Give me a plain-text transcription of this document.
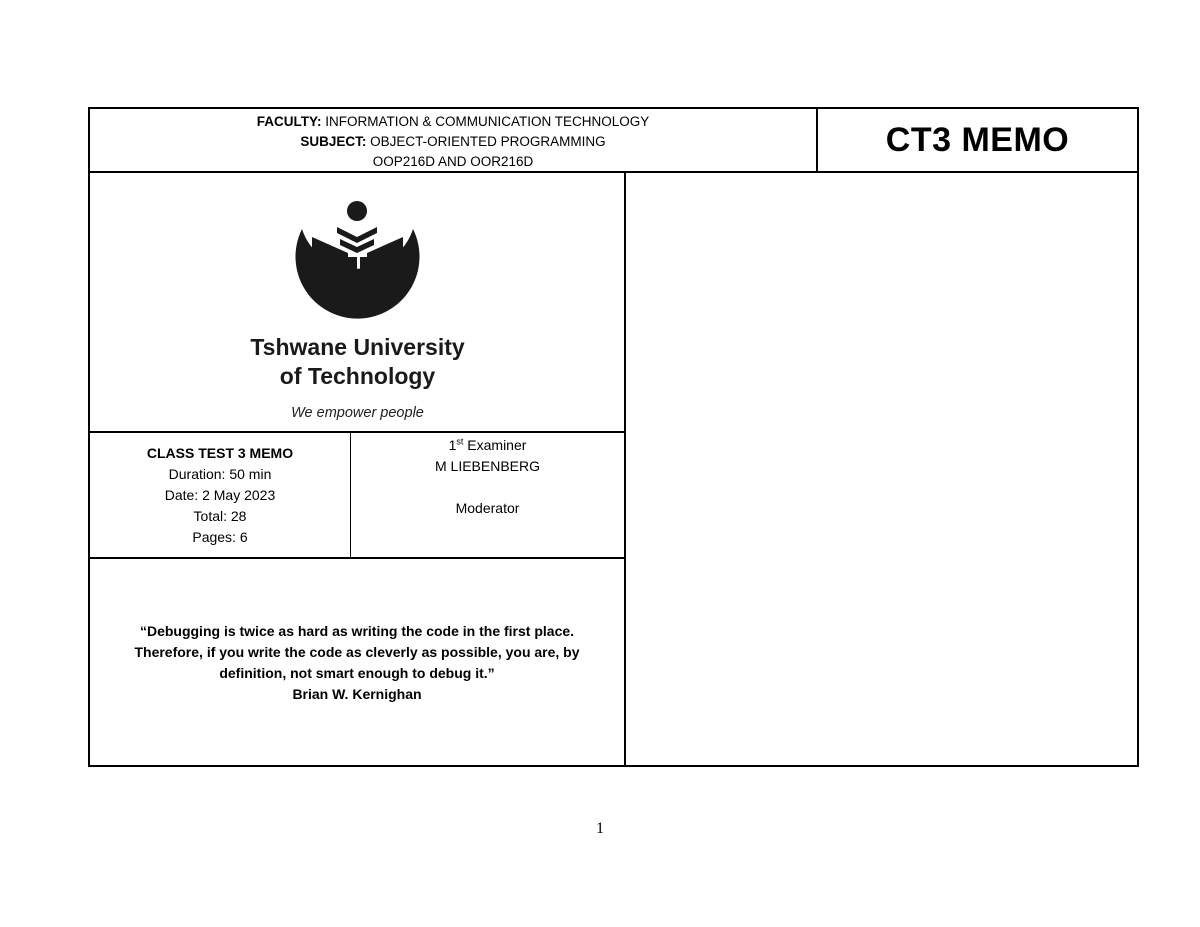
FACULTY: INFORMATION & COMMUNICATION TECHNOLOGY
SUBJECT: OBJECT-ORIENTED PROGRAMMING
OOP216D AND OOR216D
CT3 MEMO
Tshwane University
of Technology
We empower people
CLASS TEST 3 MEMO
Duration: 50 min
Date: 2 May 2023
Total: 28
Pages: 6
1st Examiner
M LIEBENBERG
Moderator
“Debugging is twice as hard as writing the code in the first place.
Therefore, if you write the code as cleverly as possible, you are, by
definition, not smart enough to debug it.”
Brian W. Kernighan
1
